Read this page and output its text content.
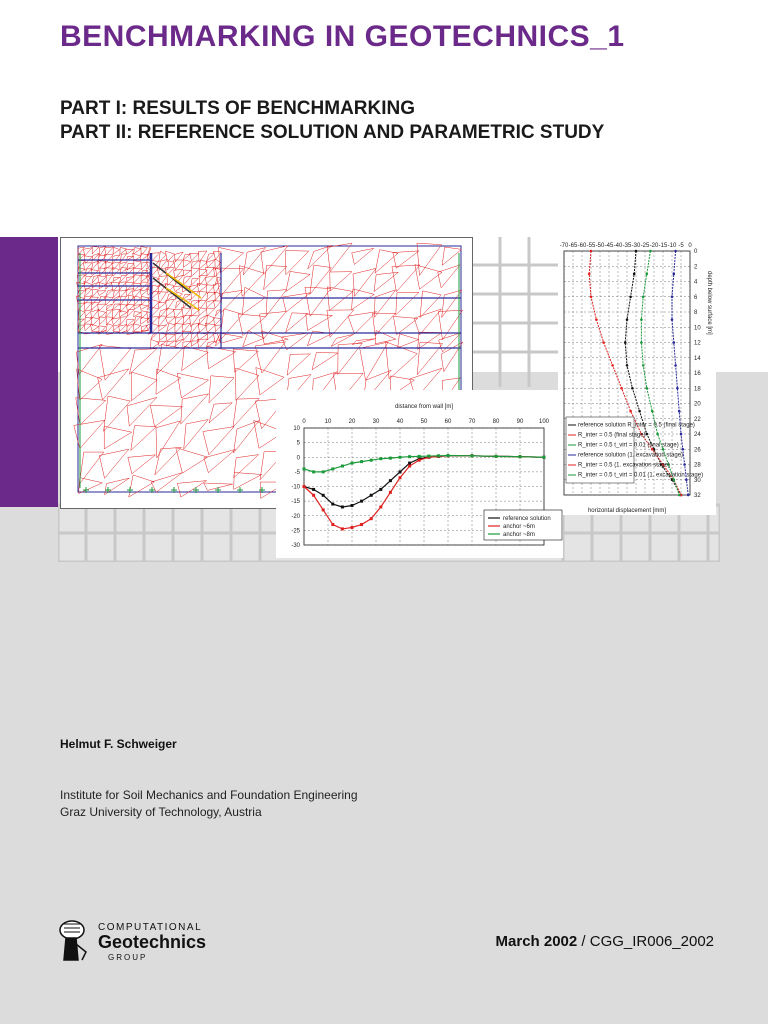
BENCHMARKING IN GEOTECHNICS_1
PART I: RESULTS OF BENCHMARKING
PART II: REFERENCE SOLUTION AND PARAMETRIC STUDY
-70 -65 -60 -55 -50 -45 -40 -35 -30 -25 -20 -15 -10 -5 0
0
2
4
6
8
10
12
14
16
18
20
22
24
26
28
30
32
horizontal displacement [mm]
depth below surface [m]
reference solution R_inter = 0.5 (final stage)
R_inter = 0.5 (final stage)
R_inter = 0.5 t_virt = 0.01 (final stage)
reference solution (1. excavation stage)
R_inter = 0.5 (1. excavation stage)
R_inter = 0.5 t_virt = 0.01 (1. excavation stage)
0	10	20	30	40	50	60	70	80	90	100
10
5
0
-5
-10
-15
-20
-25
-30
distance from wall [m]
reference solution
anchor ~6m
anchor ~8m
Helmut F. Schweiger
Institute for Soil Mechanics and Foundation Engineering
Graz University of Technology, Austria
COMPUTATIONAL
Geotechnics
GROUP
March 2002 / CGG_IR006_2002
